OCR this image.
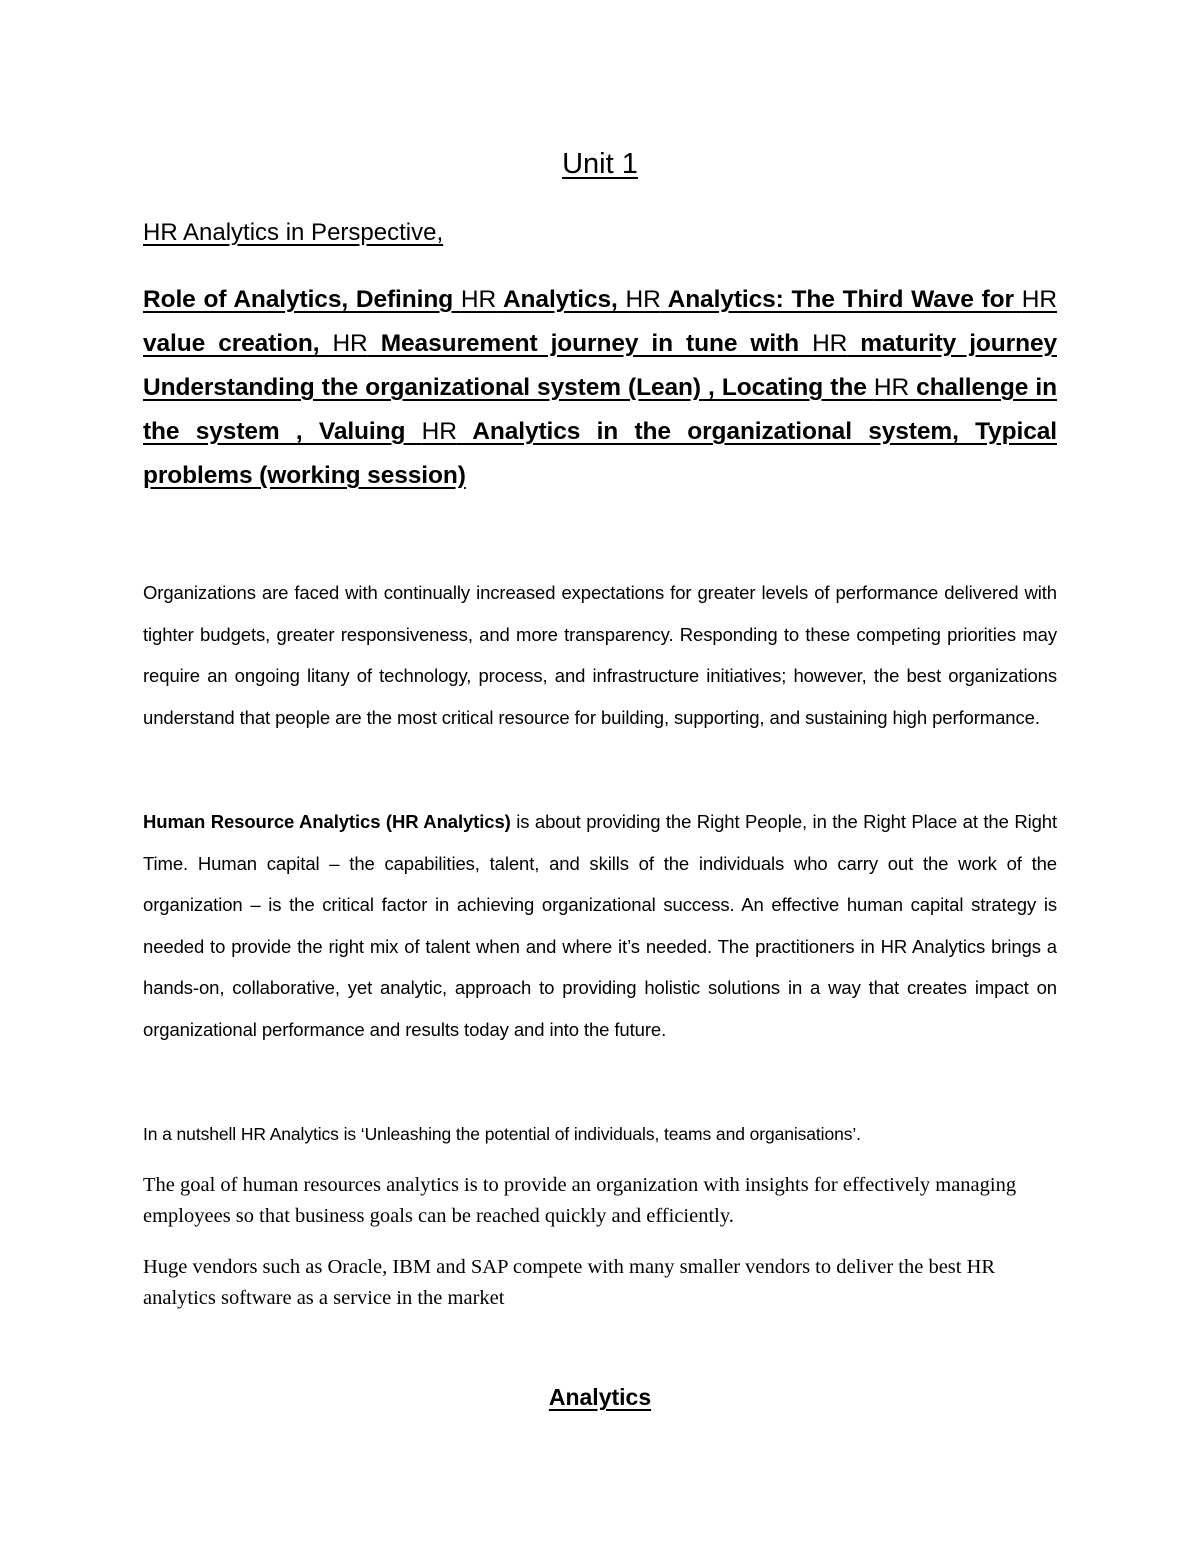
Unit 1

HR Analytics in Perspective,

Role of Analytics, Defining HR Analytics, HR Analytics: The Third Wave for HR value creation, HR Measurement journey in tune with HR maturity journey Understanding the organizational system (Lean) , Locating the HR challenge in the system , Valuing HR Analytics in the organizational system, Typical problems (working session)

Organizations are faced with continually increased expectations for greater levels of performance delivered with tighter budgets, greater responsiveness, and more transparency. Responding to these competing priorities may require an ongoing litany of technology, process, and infrastructure initiatives; however, the best organizations understand that people are the most critical resource for building, supporting, and sustaining high performance.

Human Resource Analytics (HR Analytics) is about providing the Right People, in the Right Place at the Right Time. Human capital – the capabilities, talent, and skills of the individuals who carry out the work of the organization – is the critical factor in achieving organizational success. An effective human capital strategy is needed to provide the right mix of talent when and where it’s needed. The practitioners in HR Analytics brings a hands-on, collaborative, yet analytic, approach to providing holistic solutions in a way that creates impact on organizational performance and results today and into the future.

In a nutshell HR Analytics is ‘Unleashing the potential of individuals, teams and organisations’.

The goal of human resources analytics is to provide an organization with insights for effectively managing employees so that business goals can be reached quickly and efficiently.

Huge vendors such as Oracle, IBM and SAP compete with many smaller vendors to deliver the best HR analytics software as a service in the market

Analytics
